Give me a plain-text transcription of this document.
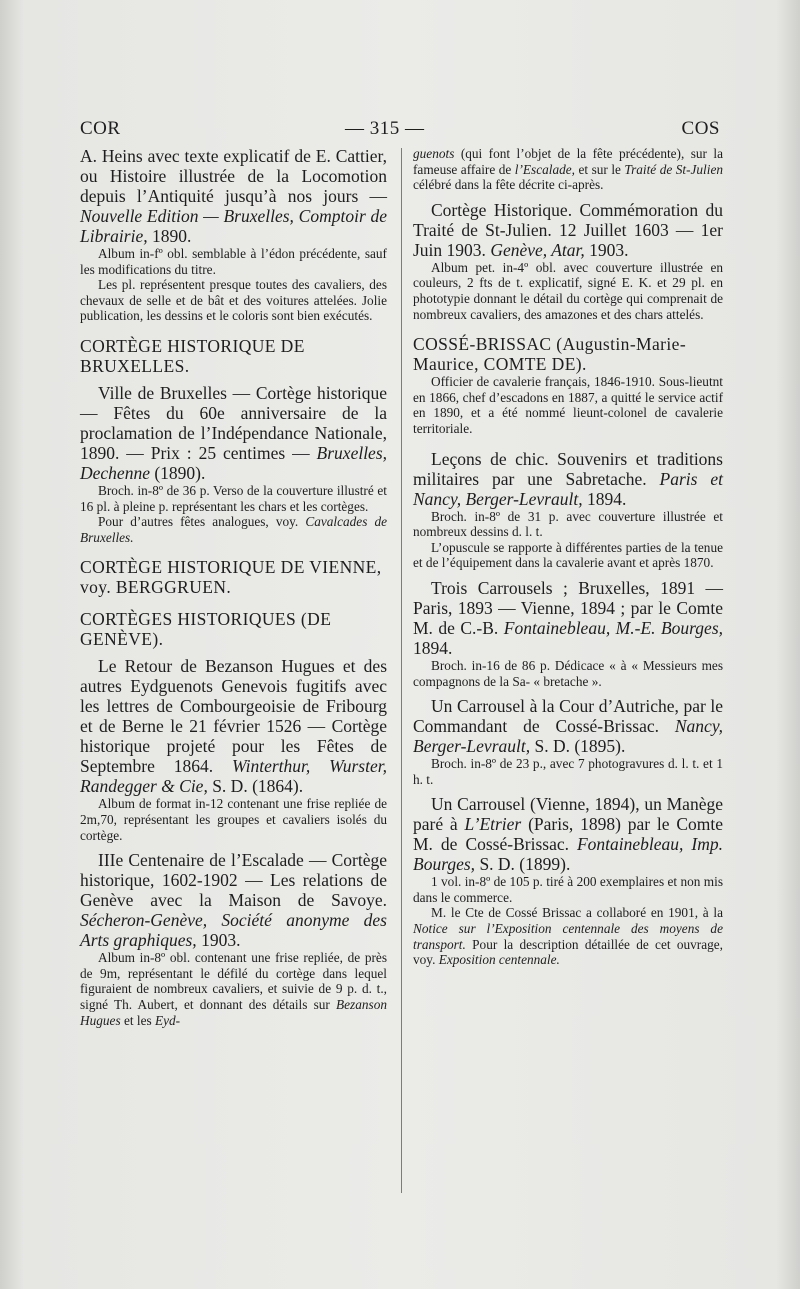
COR	— 315 —	COS

A. Heins avec texte explicatif de E. Cattier, ou Histoire illustrée de la Locomotion depuis l’Antiquité jusqu’à nos jours — Nouvelle Edition — Bruxelles, Comptoir de Librairie, 1890.

Album in-fº obl. semblable à l’édon précédente, sauf les modifications du titre.

Les pl. représentent presque toutes des cavaliers, des chevaux de selle et de bât et des voitures attelées. Jolie publication, les dessins et le coloris sont bien exécutés.

CORTÈGE HISTORIQUE DE BRUXELLES.

Ville de Bruxelles — Cortège historique — Fêtes du 60e anniversaire de la proclamation de l’Indépendance Nationale, 1890. — Prix : 25 centimes — Bruxelles, Dechenne (1890).

Broch. in-8º de 36 p. Verso de la couverture illustré et 16 pl. à pleine p. représentant les chars et les cortèges.

Pour d’autres fêtes analogues, voy. Cavalcades de Bruxelles.

CORTÈGE HISTORIQUE DE VIENNE, voy. BERGGRUEN.

CORTÈGES HISTORIQUES (DE GENÈVE).

Le Retour de Bezanson Hugues et des autres Eydguenots Genevois fugitifs avec les lettres de Combourgeoisie de Fribourg et de Berne le 21 février 1526 — Cortège historique projeté pour les Fêtes de Septembre 1864. Winterthur, Wurster, Randegger & Cie, S. D. (1864).

Album de format in-12 contenant une frise repliée de 2m,70, représentant les groupes et cavaliers isolés du cortège.

IIIe Centenaire de l’Escalade — Cortège historique, 1602-1902 — Les relations de Genève avec la Maison de Savoye. Sécheron-Genève, Société anonyme des Arts graphiques, 1903.

Album in-8º obl. contenant une frise repliée, de près de 9m, représentant le défilé du cortège dans lequel figuraient de nombreux cavaliers, et suivie de 9 p. d. t., signé Th. Aubert, et donnant des détails sur Bezanson Hugues et les Eyd-

guenots (qui font l’objet de la fête précédente), sur la fameuse affaire de l’Escalade, et sur le Traité de St-Julien célébré dans la fête décrite ci-après.

Cortège Historique. Commémoration du Traité de St-Julien. 12 Juillet 1603 — 1er Juin 1903. Genève, Atar, 1903.

Album pet. in-4º obl. avec couverture illustrée en couleurs, 2 fts de t. explicatif, signé E. K. et 29 pl. en phototypie donnant le détail du cortège qui comprenait de nombreux cavaliers, des amazones et des chars attelés.

COSSÉ-BRISSAC (Augustin-Marie-Maurice, COMTE DE).

Officier de cavalerie français, 1846-1910. Sous-lieutnt en 1866, chef d’escadons en 1887, a quitté le service actif en 1890, et a été nommé lieunt-colonel de cavalerie territoriale.

Leçons de chic. Souvenirs et traditions militaires par une Sabretache. Paris et Nancy, Berger-Levrault, 1894.

Broch. in-8º de 31 p. avec couverture illustrée et nombreux dessins d. l. t.

L’opuscule se rapporte à différentes parties de la tenue et de l’équipement dans la cavalerie avant et après 1870.

Trois Carrousels ; Bruxelles, 1891 — Paris, 1893 — Vienne, 1894 ; par le Comte M. de C.-B. Fontainebleau, M.-E. Bourges, 1894.

Broch. in-16 de 86 p. Dédicace « à « Messieurs mes compagnons de la Sa- « bretache ».

Un Carrousel à la Cour d’Autriche, par le Commandant de Cossé-Brissac. Nancy, Berger-Levrault, S. D. (1895).

Broch. in-8º de 23 p., avec 7 photogravures d. l. t. et 1 h. t.

Un Carrousel (Vienne, 1894), un Manège paré à L’Etrier (Paris, 1898) par le Comte M. de Cossé-Brissac. Fontainebleau, Imp. Bourges, S. D. (1899).

1 vol. in-8º de 105 p. tiré à 200 exemplaires et non mis dans le commerce.

M. le Cte de Cossé Brissac a collaboré en 1901, à la Notice sur l’Exposition centennale des moyens de transport. Pour la description détaillée de cet ouvrage, voy. Exposition centennale.
